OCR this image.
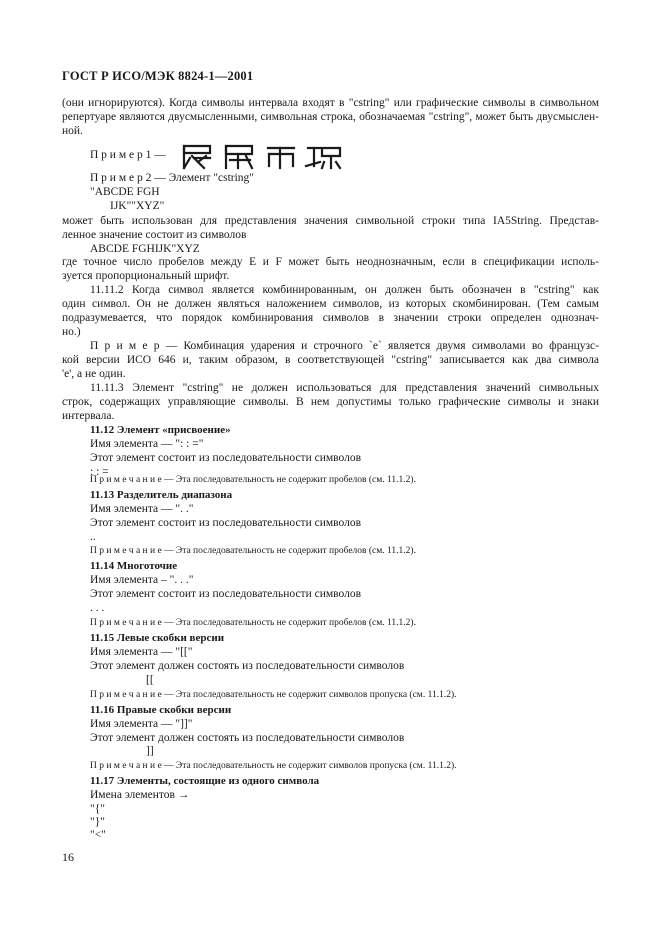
ГОСТ Р ИСО/МЭК 8824-1—2001
(они игнорируются). Когда символы интервала входят в "cstring" или графические символы в символьном
репертуаре являются двусмысленными, символьная строка, обозначаемая "cstring", может быть двусмыслен-
ной.
П р и м е р 1 —
П р и м е р 2 — Элемент "cstring"
"ABCDE FGH
IJK""XYZ"
может быть использован для представления значения символьной строки типа IA5String. Представ-
ленное значение состоит из символов
ABCDE FGHIJK"XYZ
где точное число пробелов между E и F может быть неоднозначным, если в спецификации исполь-
зуется пропорциональный шрифт.
11.11.2 Когда символ является комбинированным, он должен быть обозначен в "cstring" как
один символ. Он не должен являться наложением символов, из которых скомбинирован. (Тем самым
подразумевается, что порядок комбинирования символов в значении строки определен однознач-
но.)
П р и м е р — Комбинация ударения и строчного `e` является двумя символами во французс-
кой версии ИСО 646 и, таким образом, в соответствующей "cstring" записывается как два символа
'e', а не один.
11.11.3 Элемент "cstring" не должен использоваться для представления значений символьных
строк, содержащих управляющие символы. В нем допустимы только графические символы и знаки
интервала.
11.12 Элемент «присвоение»
Имя элемента — ": : ="
Этот элемент состоит из последовательности символов
: : =
П р и м е ч а н и е — Эта последовательность не содержит пробелов (см. 11.1.2).
11.13 Разделитель диапазона
Имя элемента — ". ."
Этот элемент состоит из последовательности символов
..
П р и м е ч а н и е — Эта последовательность не содержит пробелов (см. 11.1.2).
11.14 Многоточие
Имя элемента – ". . ."
Этот элемент состоит из последовательности символов
. . .
П р и м е ч а н и е — Эта последовательность не содержит пробелов (см. 11.1.2).
11.15 Левые скобки версии
Имя элемента — "[["
Этот элемент должен состоять из последовательности символов
[[
П р и м е ч а н и е — Эта последовательность не содержит символов пропуска (см. 11.1.2).
11.16 Правые скобки версии
Имя элемента — "]]"
Этот элемент должен состоять из последовательности символов
]]
П р и м е ч а н и е — Эта последовательность не содержит символов пропуска (см. 11.1.2).
11.17 Элементы, состоящие из одного символа
Имена элементов →
"{"
"}"
"<"
16
